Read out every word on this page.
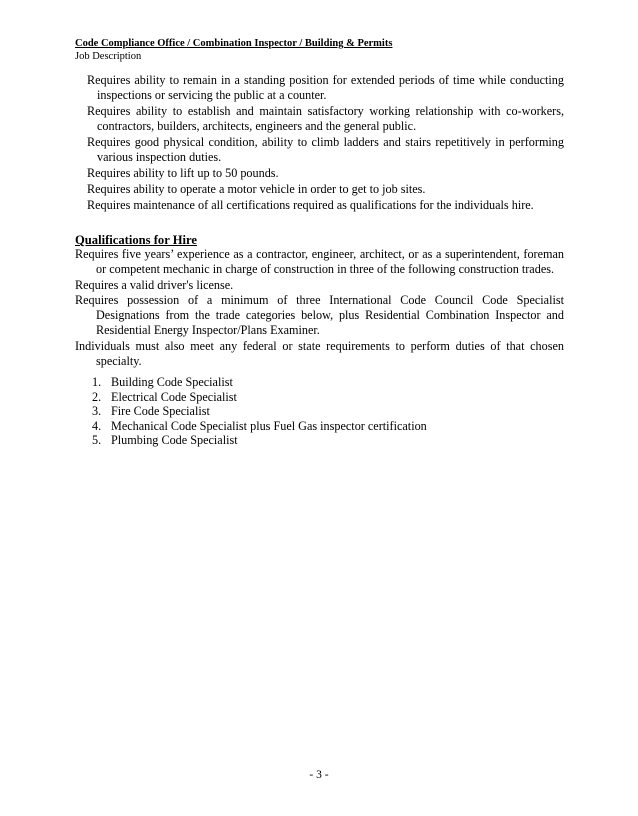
Code Compliance Office / Combination Inspector / Building & Permits
Job Description

Requires ability to remain in a standing position for extended periods of time while conducting inspections or servicing the public at a counter.

Requires ability to establish and maintain satisfactory working relationship with co-workers, contractors, builders, architects, engineers and the general public.

Requires good physical condition, ability to climb ladders and stairs repetitively in performing various inspection duties.

Requires ability to lift up to 50 pounds.

Requires ability to operate a motor vehicle in order to get to job sites.

Requires maintenance of all certifications required as qualifications for the individuals hire.

Qualifications for Hire

Requires five years’ experience as a contractor, engineer, architect, or as a superintendent, foreman or competent mechanic in charge of construction in three of the following construction trades.

Requires a valid driver's license.

Requires possession of a minimum of three International Code Council Code Specialist Designations from the trade categories below, plus Residential Combination Inspector and Residential Energy Inspector/Plans Examiner.

Individuals must also meet any federal or state requirements to perform duties of that chosen specialty.

1. Building Code Specialist
2. Electrical Code Specialist
3. Fire Code Specialist
4. Mechanical Code Specialist plus Fuel Gas inspector certification
5. Plumbing Code Specialist
- 3 -
